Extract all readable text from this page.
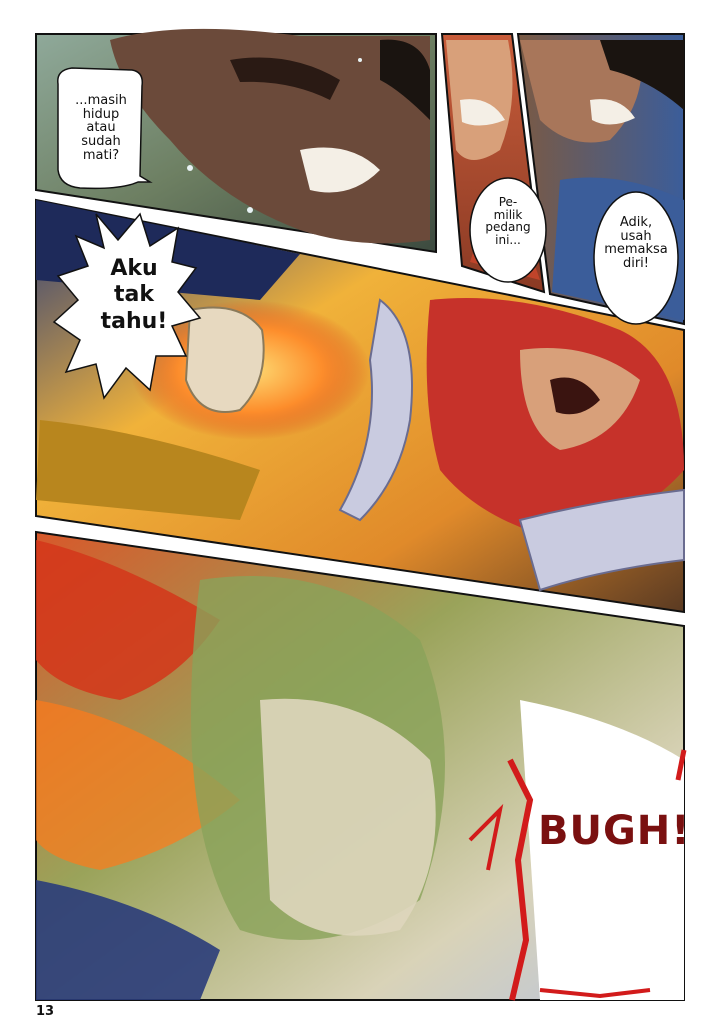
...masih
hidup
atau
sudah
mati?
Pe-
milik
pedang
ini...
Adik,
usah
memaksa
diri!
Aku
tak
tahu!
BUGH!
13
